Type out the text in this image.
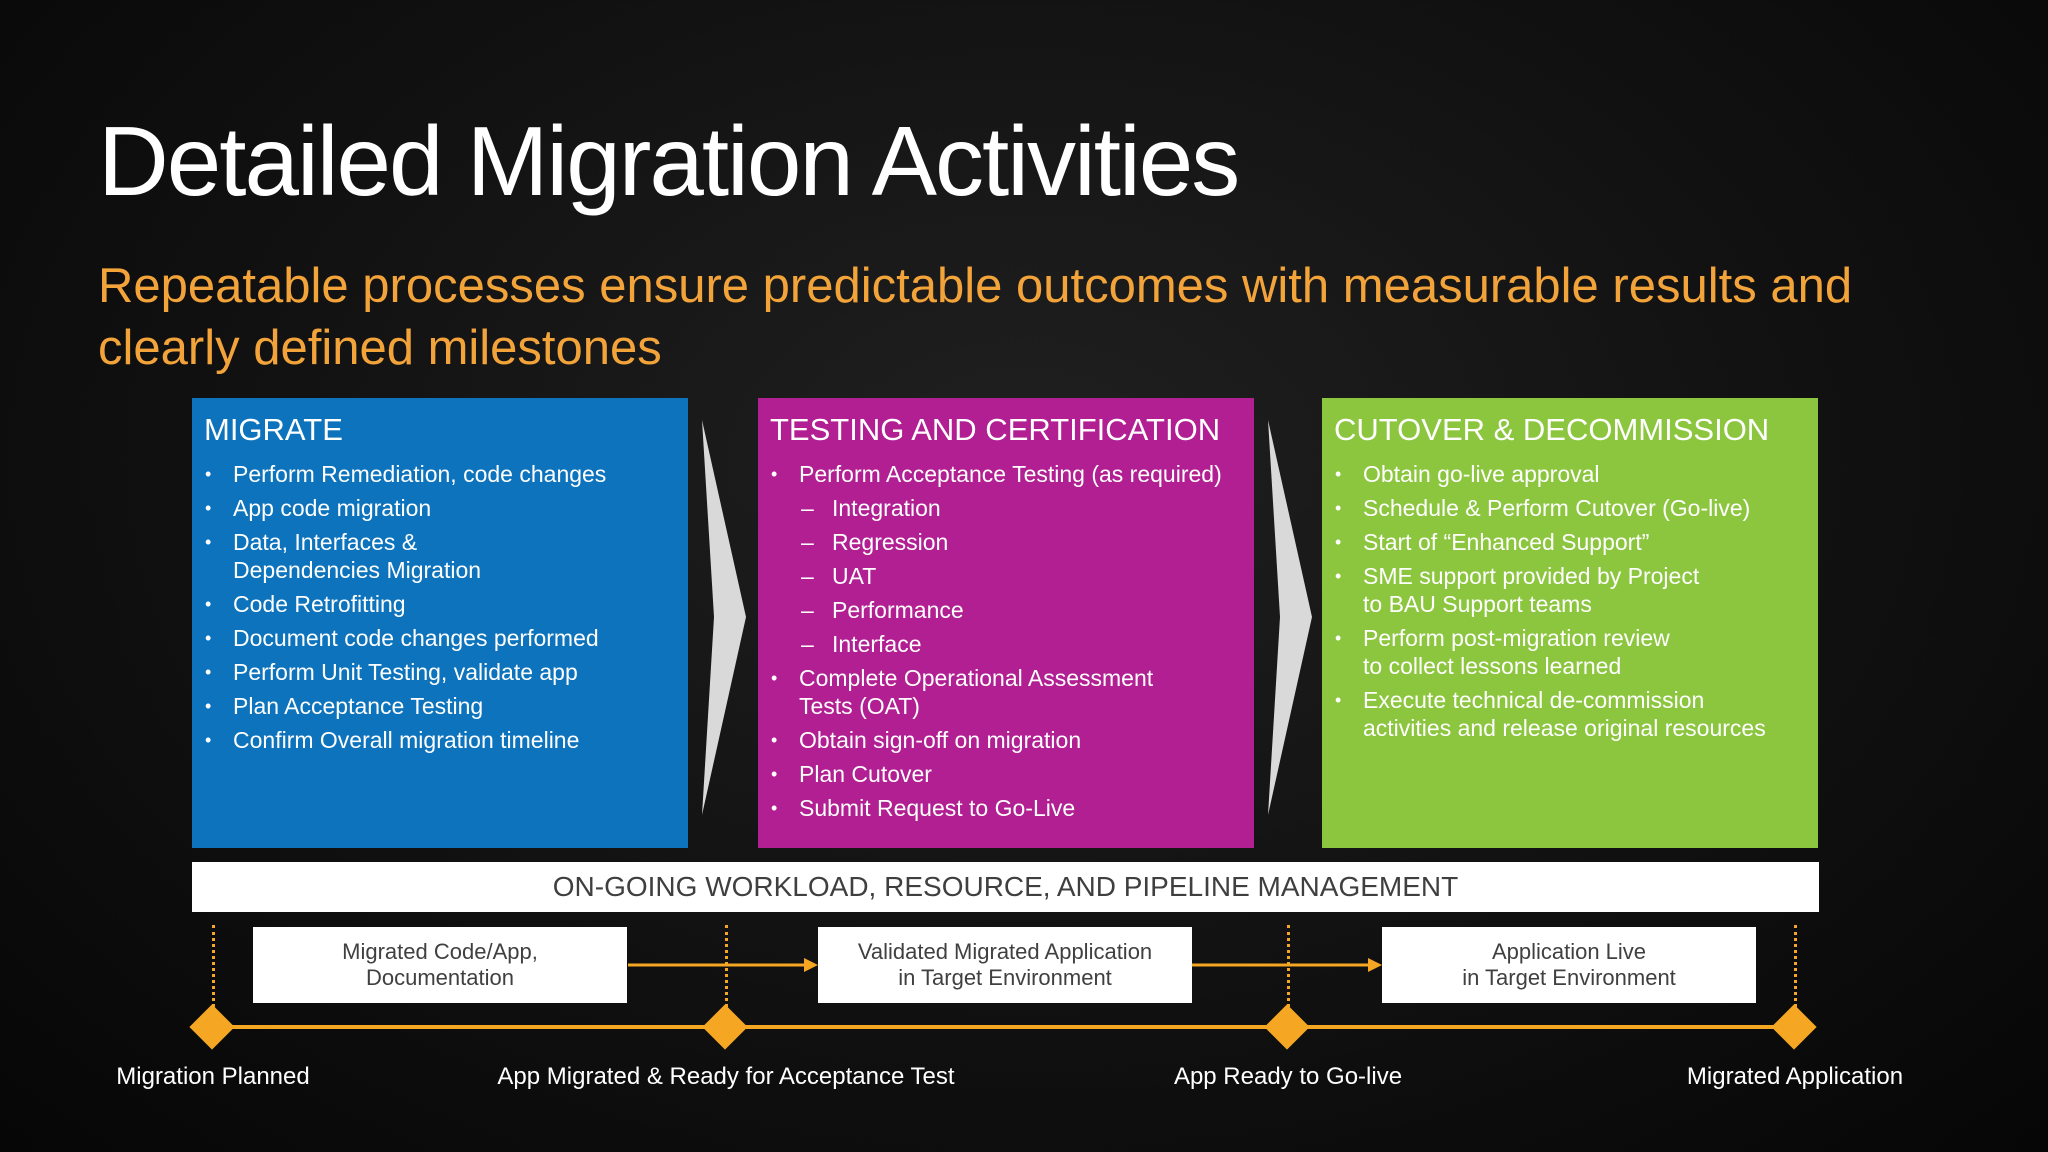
Detailed Migration Activities

Repeatable processes ensure predictable outcomes with measurable results and clearly defined milestones

MIGRATE
• Perform Remediation, code changes
• App code migration
• Data, Interfaces &
Dependencies Migration
• Code Retrofitting
• Document code changes performed
• Perform Unit Testing, validate app
• Plan Acceptance Testing
• Confirm Overall migration timeline
TESTING AND CERTIFICATION
• Perform Acceptance Testing (as required)
– Integration
– Regression
– UAT
– Performance
– Interface
• Complete Operational Assessment
Tests (OAT)
• Obtain sign-off on migration
• Plan Cutover
• Submit Request to Go-Live
CUTOVER & DECOMMISSION
• Obtain go-live approval
• Schedule & Perform Cutover (Go-live)
• Start of “Enhanced Support”
• SME support provided by Project
to BAU Support teams
• Perform post-migration review
to collect lessons learned
• Execute technical de-commission
activities and release original resources
ON-GOING WORKLOAD, RESOURCE, AND PIPELINE MANAGEMENT
Migrated Code/App,
Documentation
Validated Migrated Application
in Target Environment
Application Live
in Target Environment
Migration Planned	App Migrated & Ready for Acceptance Test	App Ready to Go-live	Migrated Application
